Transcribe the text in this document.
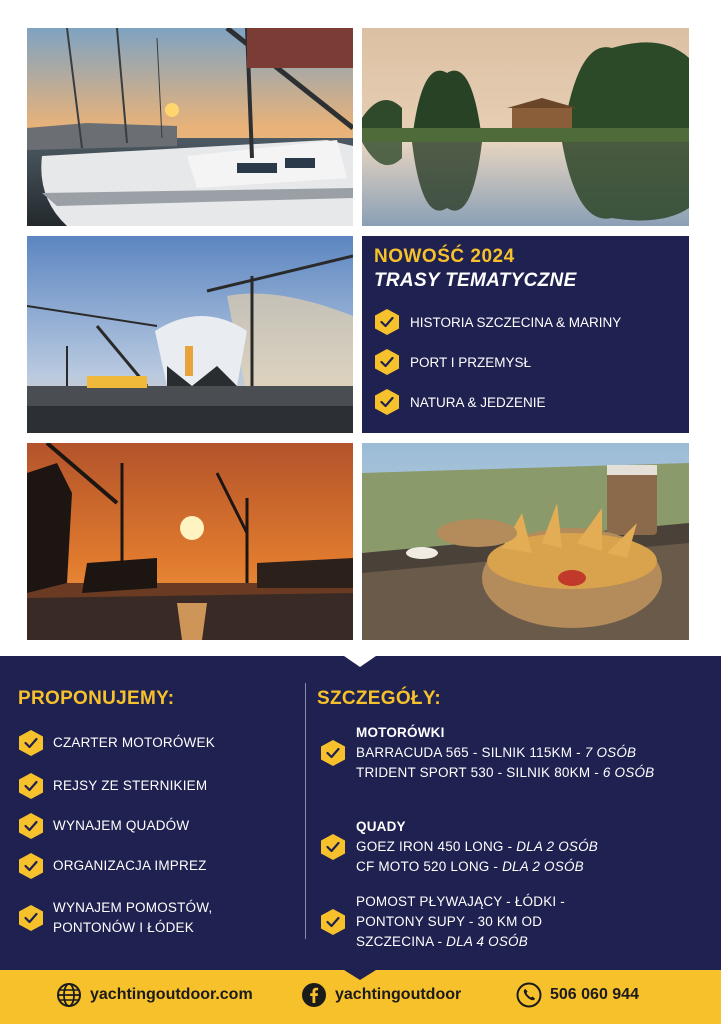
NOWOŚĆ 2024
TRASY TEMATYCZNE
HISTORIA SZCZECINA & MARINY
PORT I PRZEMYSŁ
NATURA & JEDZENIE
PROPONUJEMY:	SZCZEGÓŁY:
CZARTER MOTORÓWEK
REJSY ZE STERNIKIEM
WYNAJEM QUADÓW
ORGANIZACJA IMPREZ
WYNAJEM POMOSTÓW,
PONTONÓW I ŁÓDEK
MOTORÓWKI
BARRACUDA 565 - SILNIK 115KM - 7 OSÓB
TRIDENT SPORT 530 - SILNIK 80KM - 6 OSÓB
QUADY
GOEZ IRON 450 LONG - DLA 2 OSÓB
CF MOTO 520 LONG - DLA 2 OSÓB
POMOST PŁYWAJĄCY - ŁÓDKI -
PONTONY SUPY - 30 KM OD
SZCZECINA - DLA 4 OSÓB
yachtingoutdoor.com	yachtingoutdoor	506 060 944
